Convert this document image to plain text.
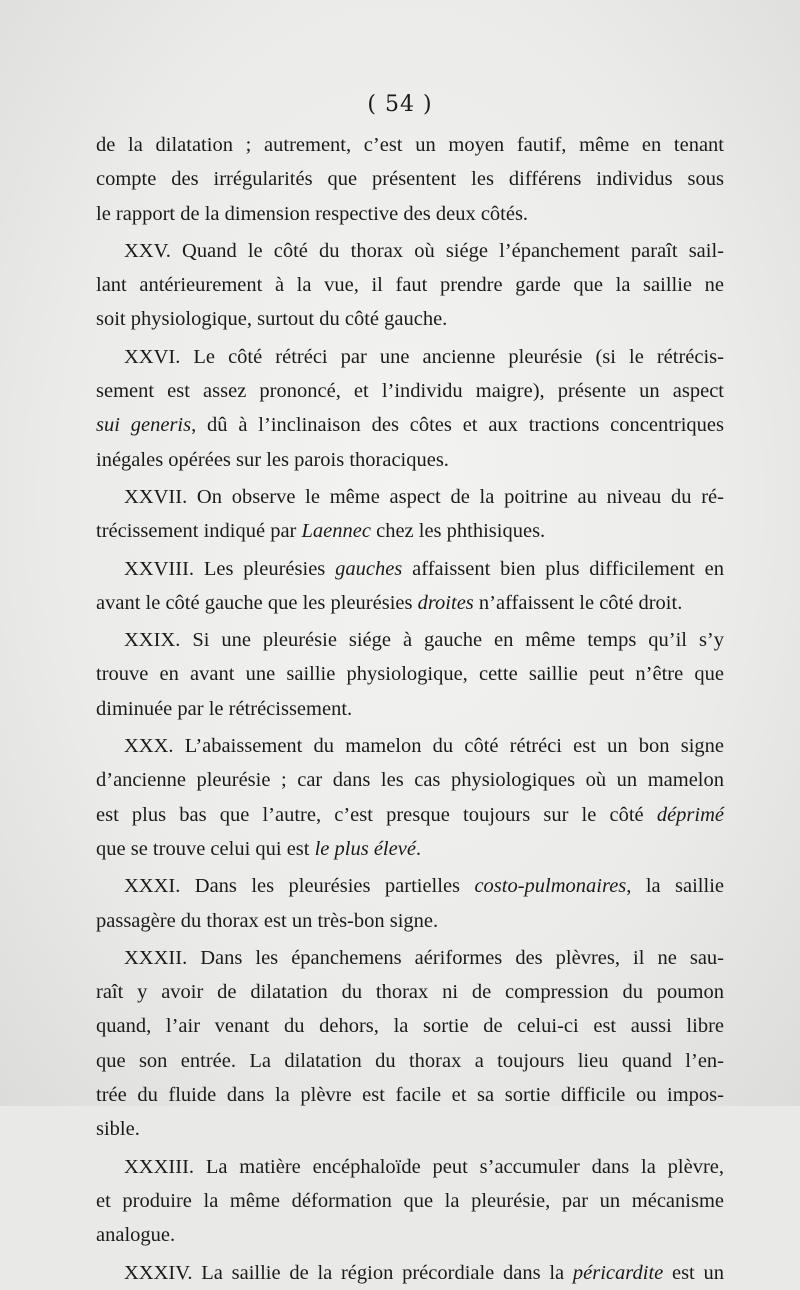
( 54 )
de la dilatation ; autrement, c’est un moyen fautif, même en tenant
compte des irrégularités que présentent les différens individus sous
le rapport de la dimension respective des deux côtés.
XXV. Quand le côté du thorax où siége l’épanchement paraît sail-
lant antérieurement à la vue, il faut prendre garde que la saillie ne
soit physiologique, surtout du côté gauche.
XXVI. Le côté rétréci par une ancienne pleurésie (si le rétrécis-
sement est assez prononcé, et l’individu maigre), présente un aspect
sui generis, dû à l’inclinaison des côtes et aux tractions concentriques
inégales opérées sur les parois thoraciques.
XXVII. On observe le même aspect de la poitrine au niveau du ré-
trécissement indiqué par Laennec chez les phthisiques.
XXVIII. Les pleurésies gauches affaissent bien plus difficilement en
avant le côté gauche que les pleurésies droites n’affaissent le côté droit.
XXIX. Si une pleurésie siége à gauche en même temps qu’il s’y
trouve en avant une saillie physiologique, cette saillie peut n’être que
diminuée par le rétrécissement.
XXX. L’abaissement du mamelon du côté rétréci est un bon signe
d’ancienne pleurésie ; car dans les cas physiologiques où un mamelon
est plus bas que l’autre, c’est presque toujours sur le côté déprimé
que se trouve celui qui est le plus élevé.
XXXI. Dans les pleurésies partielles costo-pulmonaires, la saillie
passagère du thorax est un très-bon signe.
XXXII. Dans les épanchemens aériformes des plèvres, il ne sau-
raît y avoir de dilatation du thorax ni de compression du poumon
quand, l’air venant du dehors, la sortie de celui-ci est aussi libre
que son entrée. La dilatation du thorax a toujours lieu quand l’en-
trée du fluide dans la plèvre est facile et sa sortie difficile ou impos-
sible.
XXXIII. La matière encéphaloïde peut s’accumuler dans la plèvre,
et produire la même déformation que la pleurésie, par un mécanisme
analogue.
XXXIV. La saillie de la région précordiale dans la péricardite est un
